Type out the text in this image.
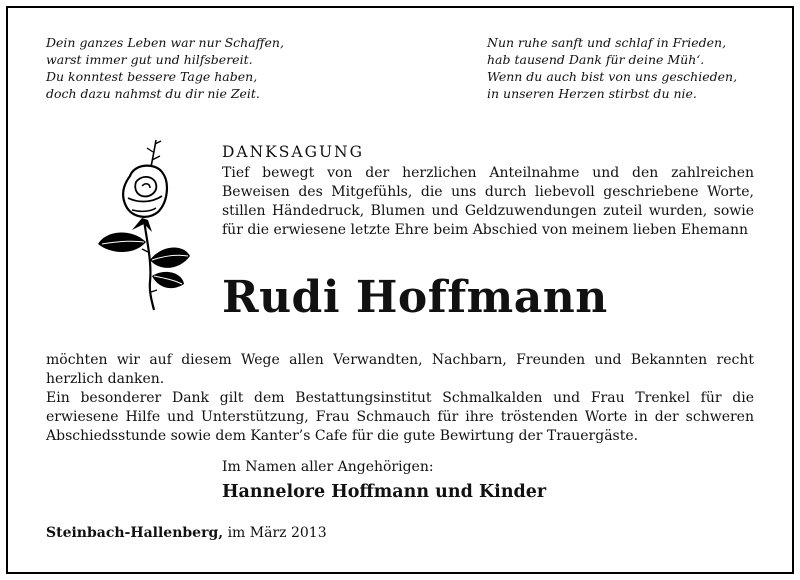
Dein ganzes Leben war nur Schaffen,
warst immer gut und hilfsbereit.
Du konntest bessere Tage haben,
doch dazu nahmst du dir nie Zeit.
Nun ruhe sanft und schlaf in Frieden,
hab tausend Dank für deine Müh‘.
Wenn du auch bist von uns geschieden,
in unseren Herzen stirbst du nie.
DANKSAGUNG

Tief bewegt von der herzlichen Anteilnahme und den zahlreichen Beweisen des Mitgefühls, die uns durch liebevoll geschriebene Worte, stillen Händedruck, Blumen und Geldzuwendungen zuteil wurden, sowie für die erwiesene letzte Ehre beim Abschied von meinem lieben Ehemann

Rudi Hoffmann

möchten wir auf diesem Wege allen Verwandten, Nachbarn, Freunden und Bekannten recht herzlich danken.

Ein besonderer Dank gilt dem Bestattungsinstitut Schmalkalden und Frau Trenkel für die erwiesene Hilfe und Unterstützung, Frau Schmauch für ihre tröstenden Worte in der schweren Abschiedsstunde sowie dem Kanter’s Cafe für die gute Bewirtung der Trauergäste.

Im Namen aller Angehörigen:
Hannelore Hoffmann und Kinder
Steinbach-Hallenberg, im März 2013
